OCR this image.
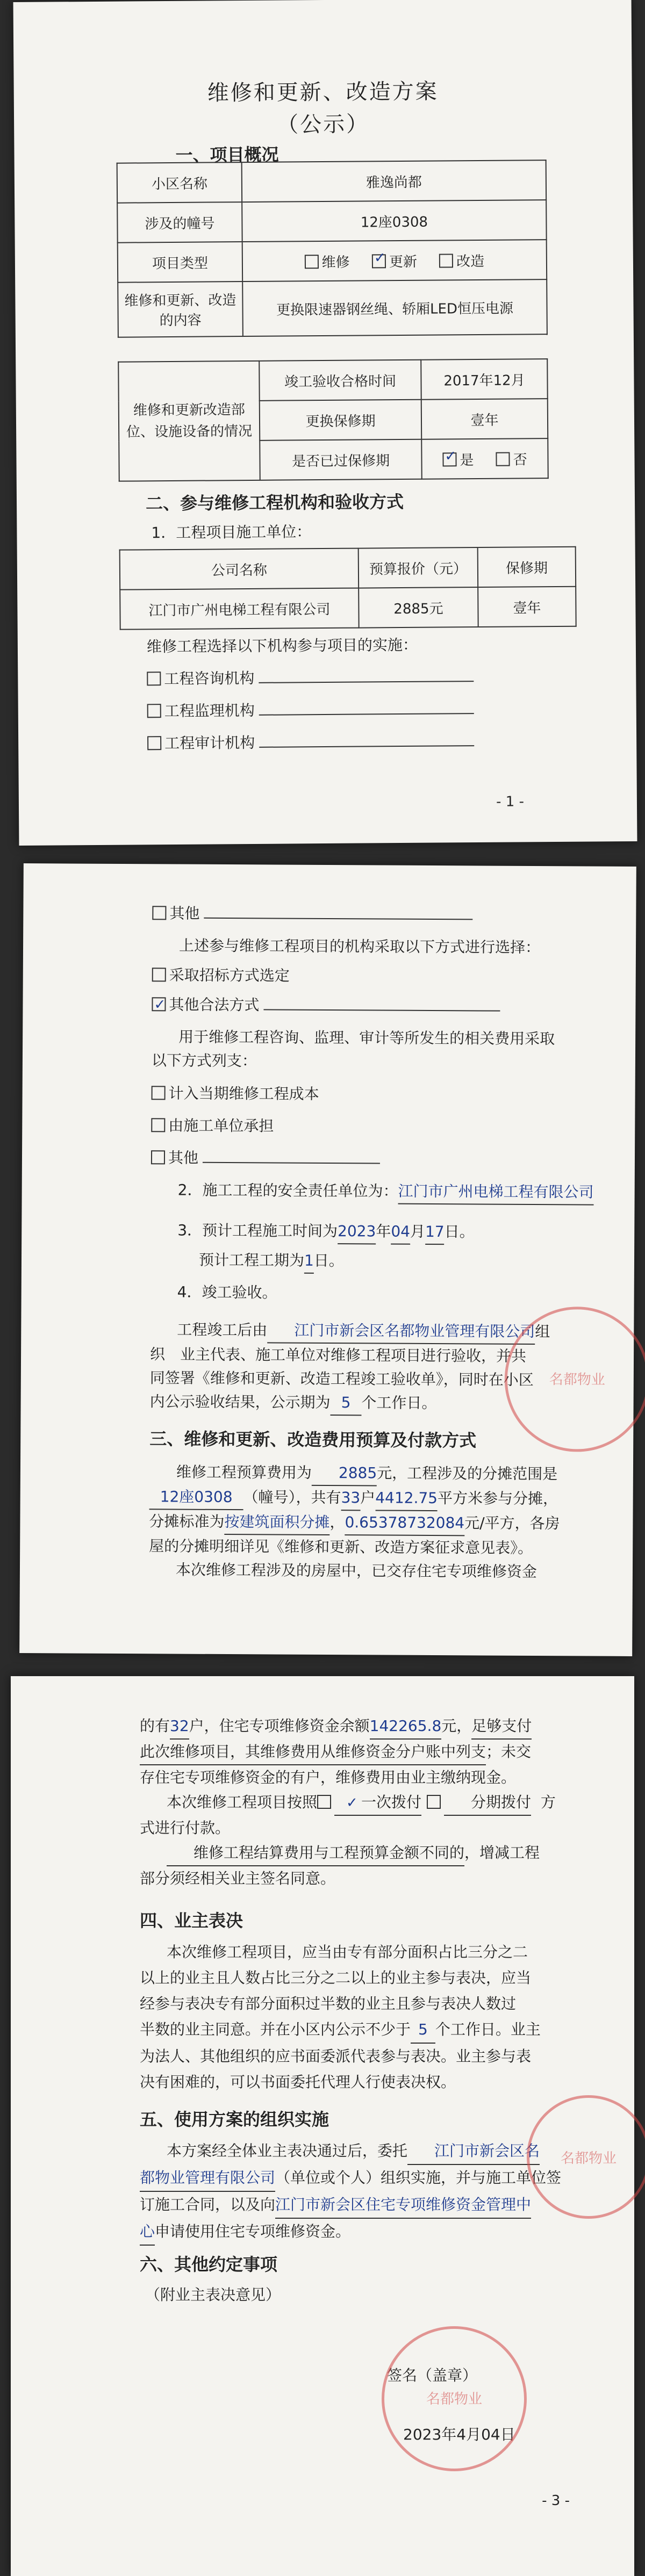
维修和更新、改造方案
（公示）
一、项目概况
小区名称	雅逸尚都
涉及的幢号	12座0308
项目类型	维修 ✓ 更新 改造
维修和更新、改造的内容	更换限速器钢丝绳、轿厢LED恒压电源
维修和更新改造部位、设施设备的情况	竣工验收合格时间	2017年12月
	更换保修期	壹年
	是否已过保修期	✓是 否
二、参与维修工程机构和验收方式
1．工程项目施工单位：
公司名称	预算报价（元）	保修期
江门市广州电梯工程有限公司	2885元	壹年
维修工程选择以下机构参与项目的实施：
工程咨询机构
工程监理机构
工程审计机构
- 1 -
其他
上述参与维修工程项目的机构采取以下方式进行选择：
采取招标方式选定
✓其他合法方式
用于维修工程咨询、监理、审计等所发生的相关费用采取以下方式列支：
计入当期维修工程成本
由施工单位承担
其他
2．施工工程的安全责任单位为：江门市广州电梯工程有限公司
3．预计工程施工时间为2023年04月17日。
预计工程工期为1日。
4．竣工验收。
工程竣工后由 江门市新会区名都物业管理有限公司组
织　业主代表、施工单位对维修工程项目进行验收，并共
同签署《维修和更新、改造工程竣工验收单》，同时在小区
内公示验收结果，公示期为 5 个工作日。
三、维修和更新、改造费用预算及付款方式
维修工程预算费用为 2885元，工程涉及的分摊范围是
12座0308 （幢号），共有33户4412.75平方米参与分摊，
分摊标准为按建筑面积分摊，0.65378732084元/平方，各房
屋的分摊明细详见《维修和更新、改造方案征求意见表》。
本次维修工程涉及的房屋中，已交存住宅专项维修资金
名都物业
的有32户，住宅专项维修资金余额142265.8元，足够支付
此次维修项目，其维修费用从维修资金分户账中列支；未交
存住宅专项维修资金的有户，维修费用由业主缴纳现金。
本次维修工程项目按照 ✓	一次拨付	分期拨付 方
式进行付款。
维修工程结算费用与工程预算金额不同的，增减工程
部分须经相关业主签名同意。
四、业主表决
本次维修工程项目，应当由专有部分面积占比三分之二
以上的业主且人数占比三分之二以上的业主参与表决，应当
经参与表决专有部分面积过半数的业主且参与表决人数过
半数的业主同意。并在小区内公示不少于 5 个工作日。业主
为法人、其他组织的应书面委派代表参与表决。业主参与表
决有困难的，可以书面委托代理人行使表决权。
五、使用方案的组织实施
本方案经全体业主表决通过后，委托 江门市新会区名
都物业管理有限公司（单位或个人）组织实施，并与施工单位签
订施工合同，以及向江门市新会区住宅专项维修资金管理中
心申请使用住宅专项维修资金。
六、其他约定事项
（附业主表决意见）
签名（盖章）
2023年4月04日
- 3 -
名都物业
名都物业
